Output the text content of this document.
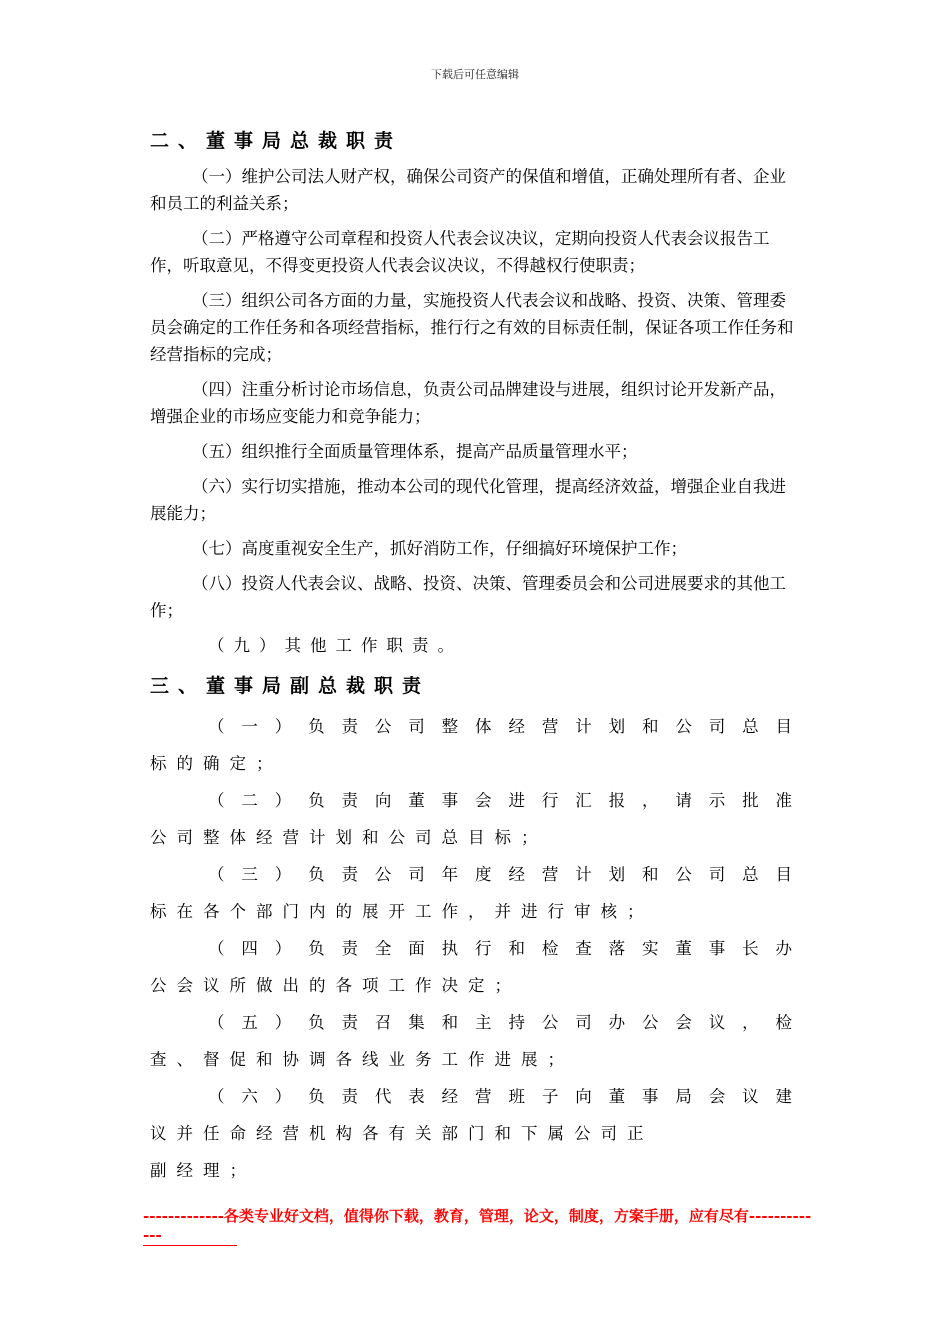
下载后可任意编辑
二、董事局总裁职责

（一）维护公司法人财产权，确保公司资产的保值和增值，正确处理所有者、企业和员工的利益关系；

（二）严格遵守公司章程和投资人代表会议决议，定期向投资人代表会议报告工作，听取意见，不得变更投资人代表会议决议，不得越权行使职责；

（三）组织公司各方面的力量，实施投资人代表会议和战略、投资、决策、管理委员会确定的工作任务和各项经营指标，推行行之有效的目标责任制，保证各项工作任务和经营指标的完成；

（四）注重分析讨论市场信息，负责公司品牌建设与进展，组织讨论开发新产品，增强企业的市场应变能力和竞争能力；

（五）组织推行全面质量管理体系，提高产品质量管理水平；

（六）实行切实措施，推动本公司的现代化管理，提高经济效益，增强企业自我进展能力；

（七）高度重视安全生产，抓好消防工作，仔细搞好环境保护工作；

（八）投资人代表会议、战略、投资、决策、管理委员会和公司进展要求的其他工作；

（九）其他工作职责。

三、董事局副总裁职责
（一）负责公司整体经营计划和公司总目
标的确定；
（二）负责向董事会进行汇报，请示批准
公司整体经营计划和公司总目标；
（三）负责公司年度经营计划和公司总目
标在各个部门内的展开工作，并进行审核；
（四）负责全面执行和检查落实董事长办
公会议所做出的各项工作决定；
（五）负责召集和主持公司办公会议，检
查、督促和协调各线业务工作进展；
（六）负责代表经营班子向董事局会议建
议并任命经营机构各有关部门和下属公司正
副经理；
-------------各类专业好文档，值得你下载，教育，管理，论文，制度，方案手册，应有尽有-------------
